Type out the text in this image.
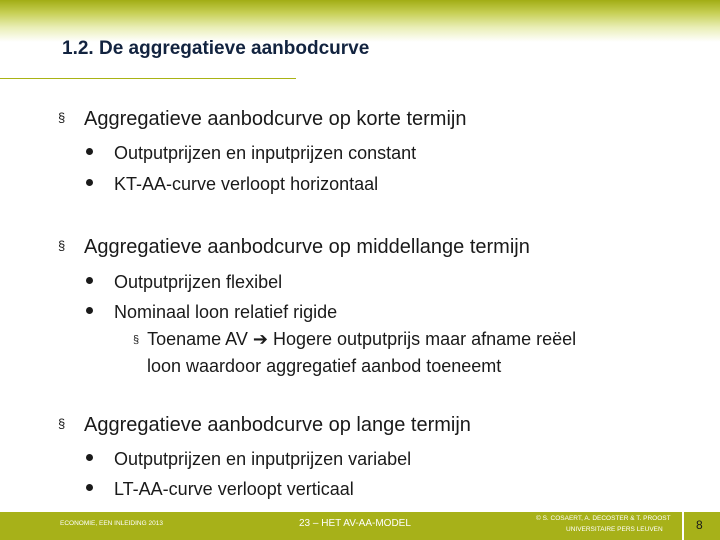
1.2. De aggregatieve aanbodcurve
§ Aggregatieve aanbodcurve op korte termijn
Outputprijzen en inputprijzen constant
KT-AA-curve verloopt horizontaal
§ Aggregatieve aanbodcurve op middellange termijn
Outputprijzen flexibel
Nominaal loon relatief rigide
§ Toename AV ➔ Hogere outputprijs maar afname reëel
loon waardoor aggregatief aanbod toeneemt
§ Aggregatieve aanbodcurve op lange termijn
Outputprijzen en inputprijzen variabel
LT-AA-curve verloopt verticaal
ECONOMIE, EEN INLEIDING 2013	23 – HET AV-AA-MODEL	© S. COSAERT, A. DECOSTER & T. PROOST
UNIVERSITAIRE PERS LEUVEN	8
